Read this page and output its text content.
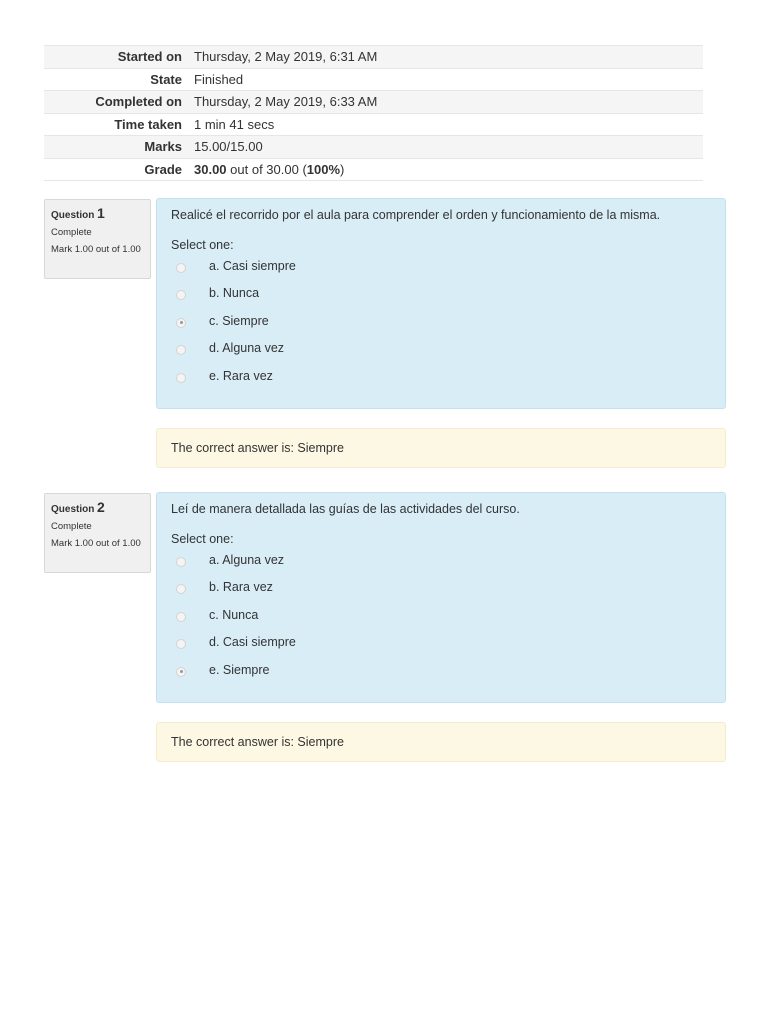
Started on	Thursday, 2 May 2019, 6:31 AM
State	Finished
Completed on	Thursday, 2 May 2019, 6:33 AM
Time taken	1 min 41 secs
Marks	15.00/15.00
Grade	30.00 out of 30.00 (100%)
Question 1
Complete
Mark 1.00 out of 1.00
Realicé el recorrido por el aula para comprender el orden y funcionamiento de la misma.
Select one:
a. Casi siempre
b. Nunca
c. Siempre
d. Alguna vez
e. Rara vez
The correct answer is: Siempre
Question 2
Complete
Mark 1.00 out of 1.00
Leí de manera detallada las guías de las actividades del curso.
Select one:
a. Alguna vez
b. Rara vez
c. Nunca
d. Casi siempre
e. Siempre
The correct answer is: Siempre
